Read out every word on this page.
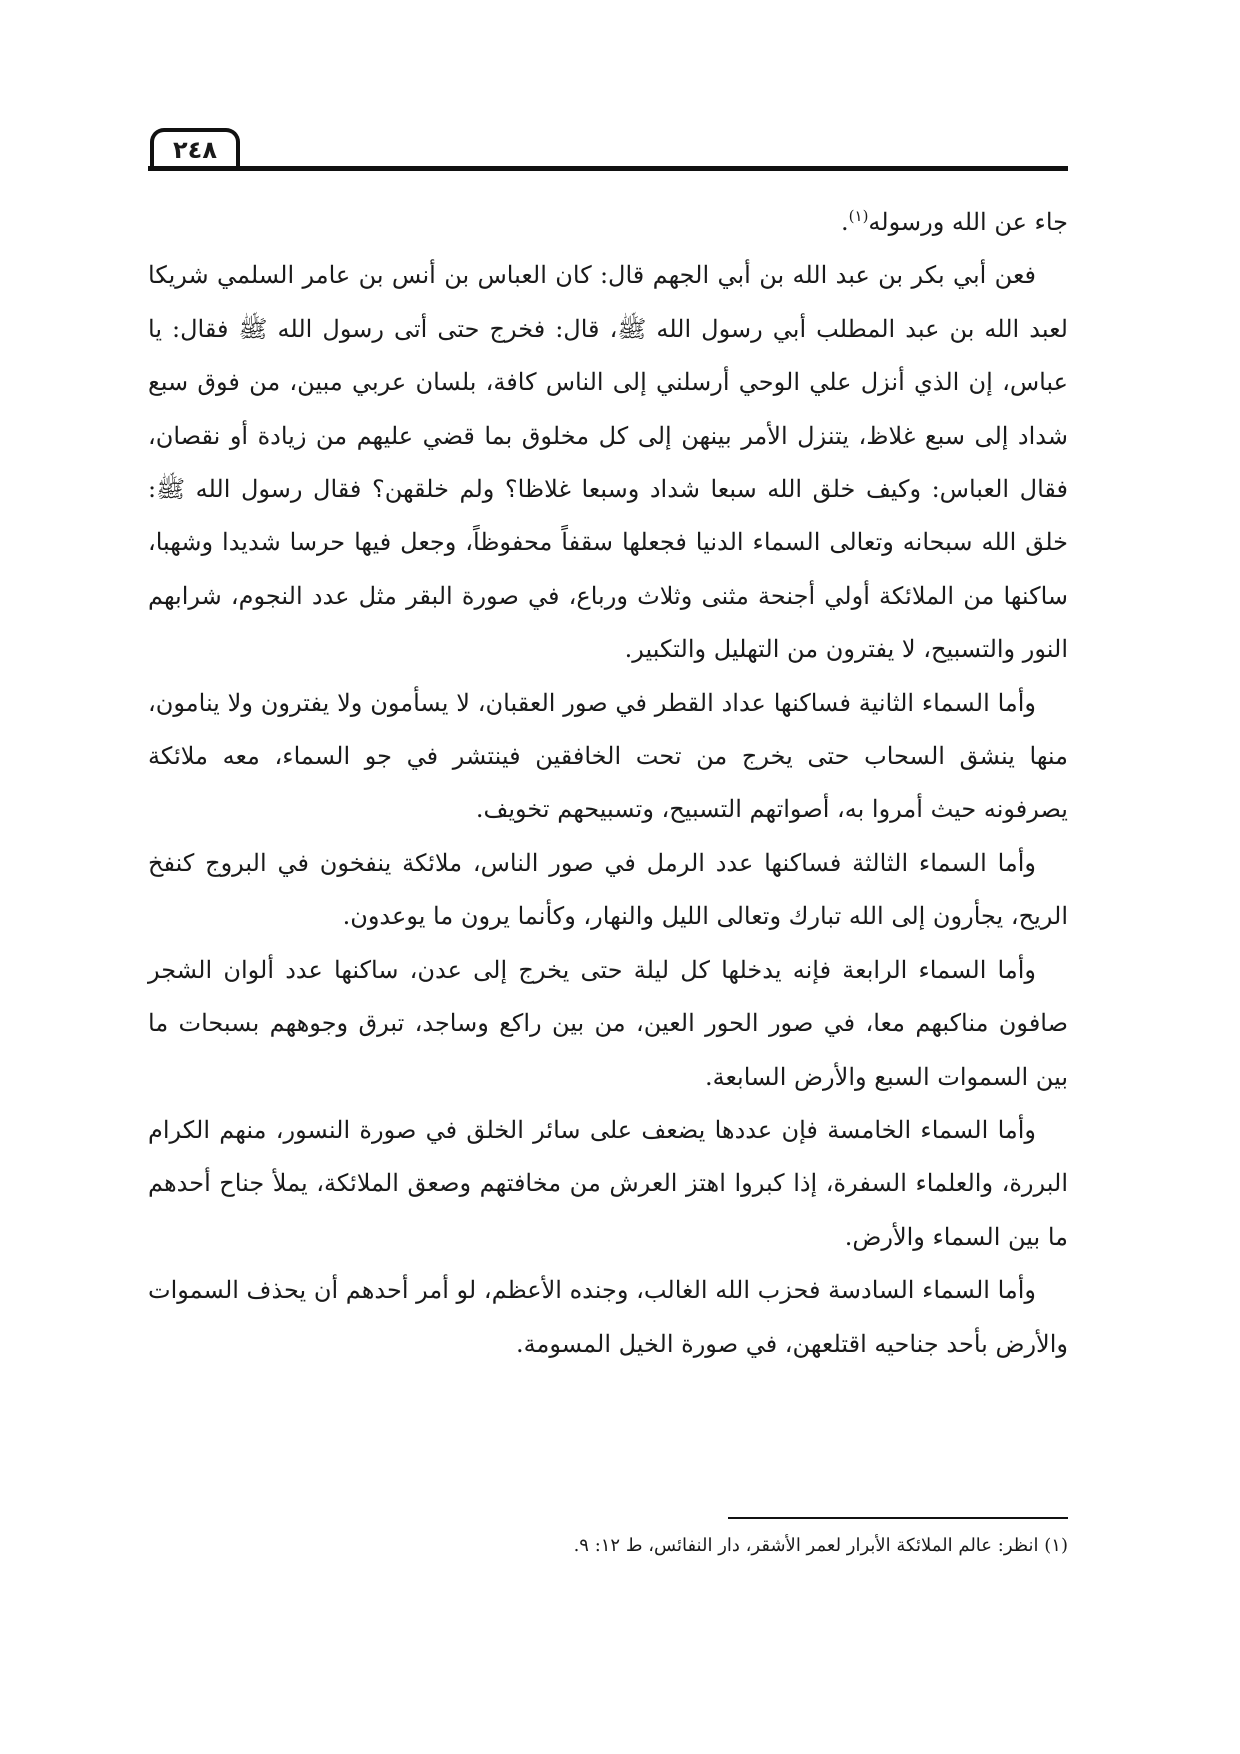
٢٤٨

جاء عن الله ورسوله$^{(١)}$.

فعن أبي بكر بن عبد الله بن أبي الجهم قال: كان العباس بن أنس بن عامر السلمي شريكا لعبد الله بن عبد المطلب أبي رسول الله ﷺ، قال: فخرج حتى أتى رسول الله ﷺ فقال: يا عباس، إن الذي أنزل علي الوحي أرسلني إلى الناس كافة، بلسان عربي مبين، من فوق سبع شداد إلى سبع غلاظ، يتنزل الأمر بينهن إلى كل مخلوق بما قضي عليهم من زيادة أو نقصان، فقال العباس: وكيف خلق الله سبعا شداد وسبعا غلاظا؟ ولم خلقهن؟ فقال رسول الله ﷺ: خلق الله سبحانه وتعالى السماء الدنيا فجعلها سقفاً محفوظاً، وجعل فيها حرسا شديدا وشهبا، ساكنها من الملائكة أولي أجنحة مثنى وثلاث ورباع، في صورة البقر مثل عدد النجوم، شرابهم النور والتسبيح، لا يفترون من التهليل والتكبير.

وأما السماء الثانية فساكنها عداد القطر في صور العقبان، لا يسأمون ولا يفترون ولا ينامون، منها ينشق السحاب حتى يخرج من تحت الخافقين فينتشر في جو السماء، معه ملائكة يصرفونه حيث أمروا به، أصواتهم التسبيح، وتسبيحهم تخويف.

وأما السماء الثالثة فساكنها عدد الرمل في صور الناس، ملائكة ينفخون في البروج كنفخ الريح، يجأرون إلى الله تبارك وتعالى الليل والنهار، وكأنما يرون ما يوعدون.

وأما السماء الرابعة فإنه يدخلها كل ليلة حتى يخرج إلى عدن، ساكنها عدد ألوان الشجر صافون مناكبهم معا، في صور الحور العين، من بين راكع وساجد، تبرق وجوههم بسبحات ما بين السموات السبع والأرض السابعة.

وأما السماء الخامسة فإن عددها يضعف على سائر الخلق في صورة النسور، منهم الكرام البررة، والعلماء السفرة، إذا كبروا اهتز العرش من مخافتهم وصعق الملائكة، يملأ جناح أحدهم ما بين السماء والأرض.

وأما السماء السادسة فحزب الله الغالب، وجنده الأعظم، لو أمر أحدهم أن يحذف السموات والأرض بأحد جناحيه اقتلعهن، في صورة الخيل المسومة.

(١) انظر: عالم الملائكة الأبرار لعمر الأشقر، دار النفائس، ط ١٢: ٩.
